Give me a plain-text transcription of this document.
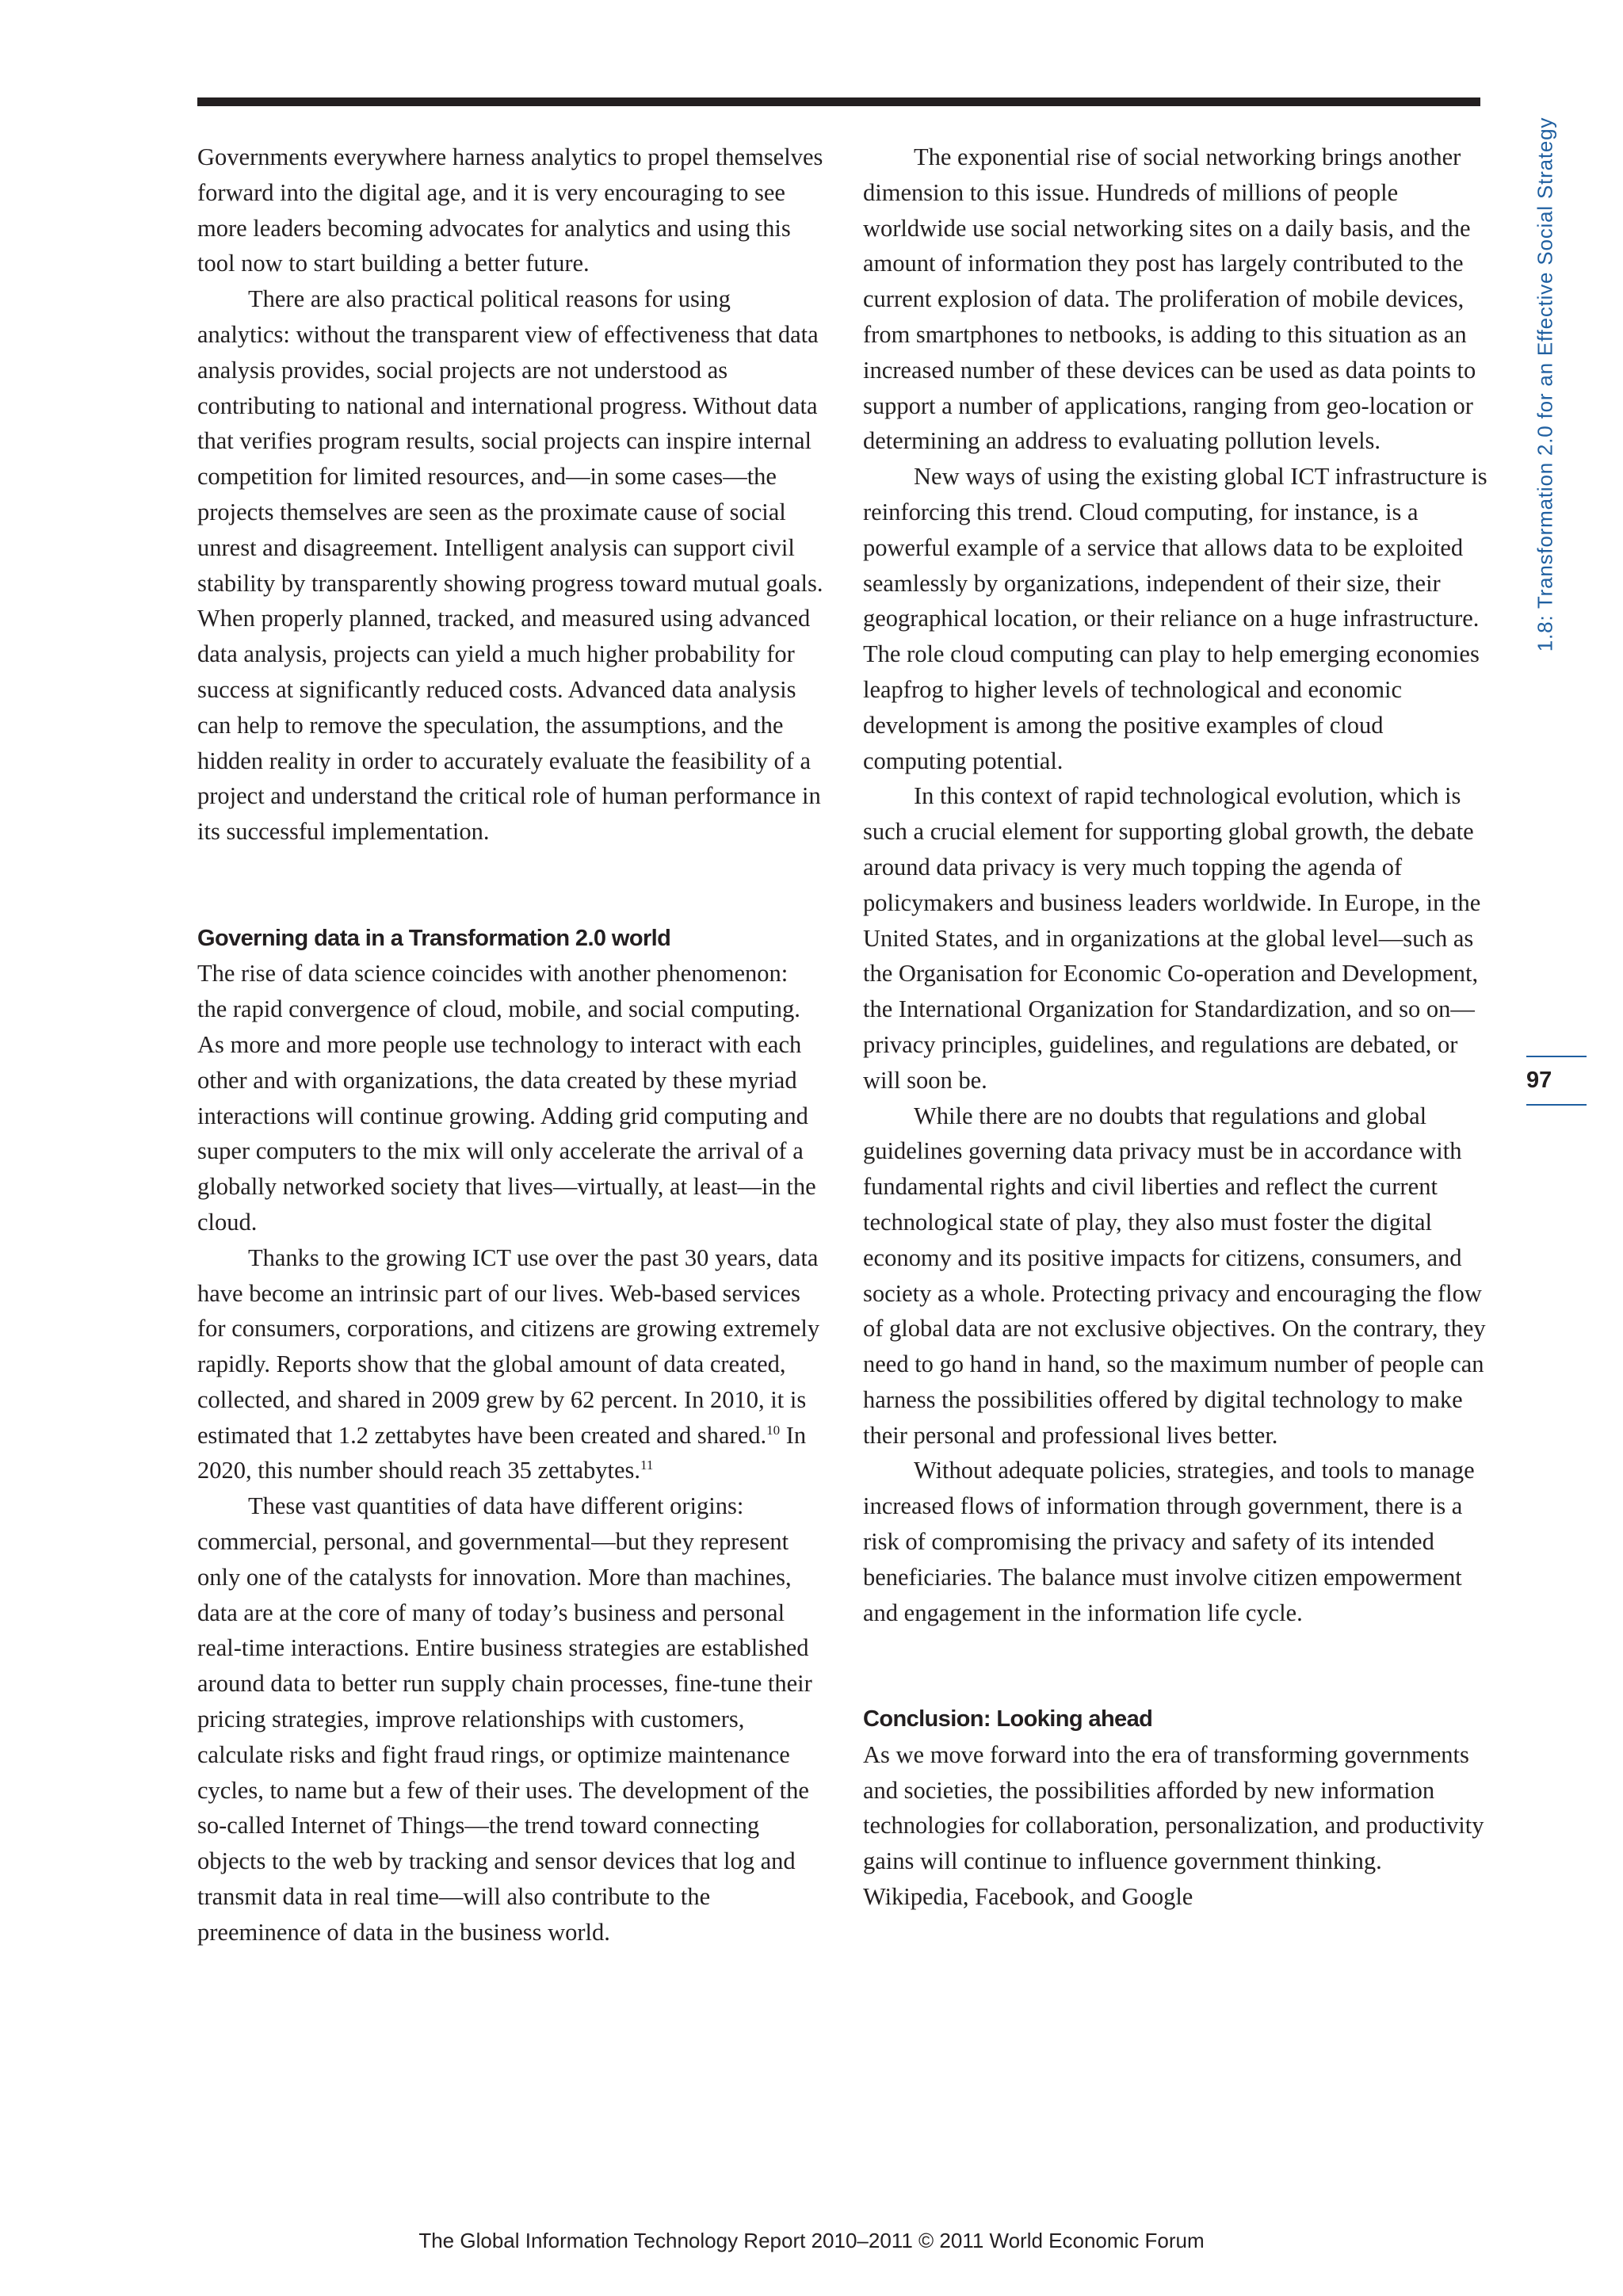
Governments everywhere harness analytics to propel themselves forward into the digital age, and it is very encouraging to see more leaders becoming advocates for analytics and using this tool now to start building a better future.

There are also practical political reasons for using analytics: without the transparent view of effectiveness that data analysis provides, social projects are not understood as contributing to national and international progress. Without data that verifies program results, social projects can inspire internal competition for limited resources, and—in some cases—the projects themselves are seen as the proximate cause of social unrest and disagreement. Intelligent analysis can support civil stability by transparently showing progress toward mutual goals. When properly planned, tracked, and measured using advanced data analysis, projects can yield a much higher probability for success at significantly reduced costs. Advanced data analysis can help to remove the speculation, the assumptions, and the hidden reality in order to accurately evaluate the feasibility of a project and understand the critical role of human performance in its successful implementation.

Governing data in a Transformation 2.0 world

The rise of data science coincides with another phenomenon: the rapid convergence of cloud, mobile, and social computing. As more and more people use technology to interact with each other and with organizations, the data created by these myriad interactions will continue growing. Adding grid computing and super computers to the mix will only accelerate the arrival of a globally networked society that lives—virtually, at least—in the cloud.

Thanks to the growing ICT use over the past 30 years, data have become an intrinsic part of our lives. Web-based services for consumers, corporations, and citizens are growing extremely rapidly. Reports show that the global amount of data created, collected, and shared in 2009 grew by 62 percent. In 2010, it is estimated that 1.2 zettabytes have been created and shared.$^{10}$ In 2020, this number should reach 35 zettabytes.$^{11}$

These vast quantities of data have different origins: commercial, personal, and governmental—but they represent only one of the catalysts for innovation. More than machines, data are at the core of many of today’s business and personal real-time interactions. Entire business strategies are established around data to better run supply chain processes, fine-tune their pricing strategies, improve relationships with customers, calculate risks and fight fraud rings, or optimize maintenance cycles, to name but a few of their uses. The development of the so-called Internet of Things—the trend toward connecting objects to the web by tracking and sensor devices that log and transmit data in real time—will also contribute to the preeminence of data in the business world.

The exponential rise of social networking brings another dimension to this issue. Hundreds of millions of people worldwide use social networking sites on a daily basis, and the amount of information they post has largely contributed to the current explosion of data. The proliferation of mobile devices, from smartphones to netbooks, is adding to this situation as an increased number of these devices can be used as data points to support a number of applications, ranging from geo-location or determining an address to evaluating pollution levels.

New ways of using the existing global ICT infrastructure is reinforcing this trend. Cloud computing, for instance, is a powerful example of a service that allows data to be exploited seamlessly by organizations, independent of their size, their geographical location, or their reliance on a huge infrastructure. The role cloud computing can play to help emerging economies leapfrog to higher levels of technological and economic development is among the positive examples of cloud computing potential.

In this context of rapid technological evolution, which is such a crucial element for supporting global growth, the debate around data privacy is very much topping the agenda of policymakers and business leaders worldwide. In Europe, in the United States, and in organizations at the global level—such as the Organisation for Economic Co-operation and Development, the International Organization for Standardization, and so on—privacy principles, guidelines, and regulations are debated, or will soon be.

While there are no doubts that regulations and global guidelines governing data privacy must be in accordance with fundamental rights and civil liberties and reflect the current technological state of play, they also must foster the digital economy and its positive impacts for citizens, consumers, and society as a whole. Protecting privacy and encouraging the flow of global data are not exclusive objectives. On the contrary, they need to go hand in hand, so the maximum number of people can harness the possibilities offered by digital technology to make their personal and professional lives better.

Without adequate policies, strategies, and tools to manage increased flows of information through government, there is a risk of compromising the privacy and safety of its intended beneficiaries. The balance must involve citizen empowerment and engagement in the information life cycle.

Conclusion: Looking ahead

As we move forward into the era of transforming governments and societies, the possibilities afforded by new information technologies for collaboration, personalization, and productivity gains will continue to influence government thinking. Wikipedia, Facebook, and Google

1.8: Transformation 2.0 for an Effective Social Strategy
97
The Global Information Technology Report 2010–2011 © 2011 World Economic Forum
